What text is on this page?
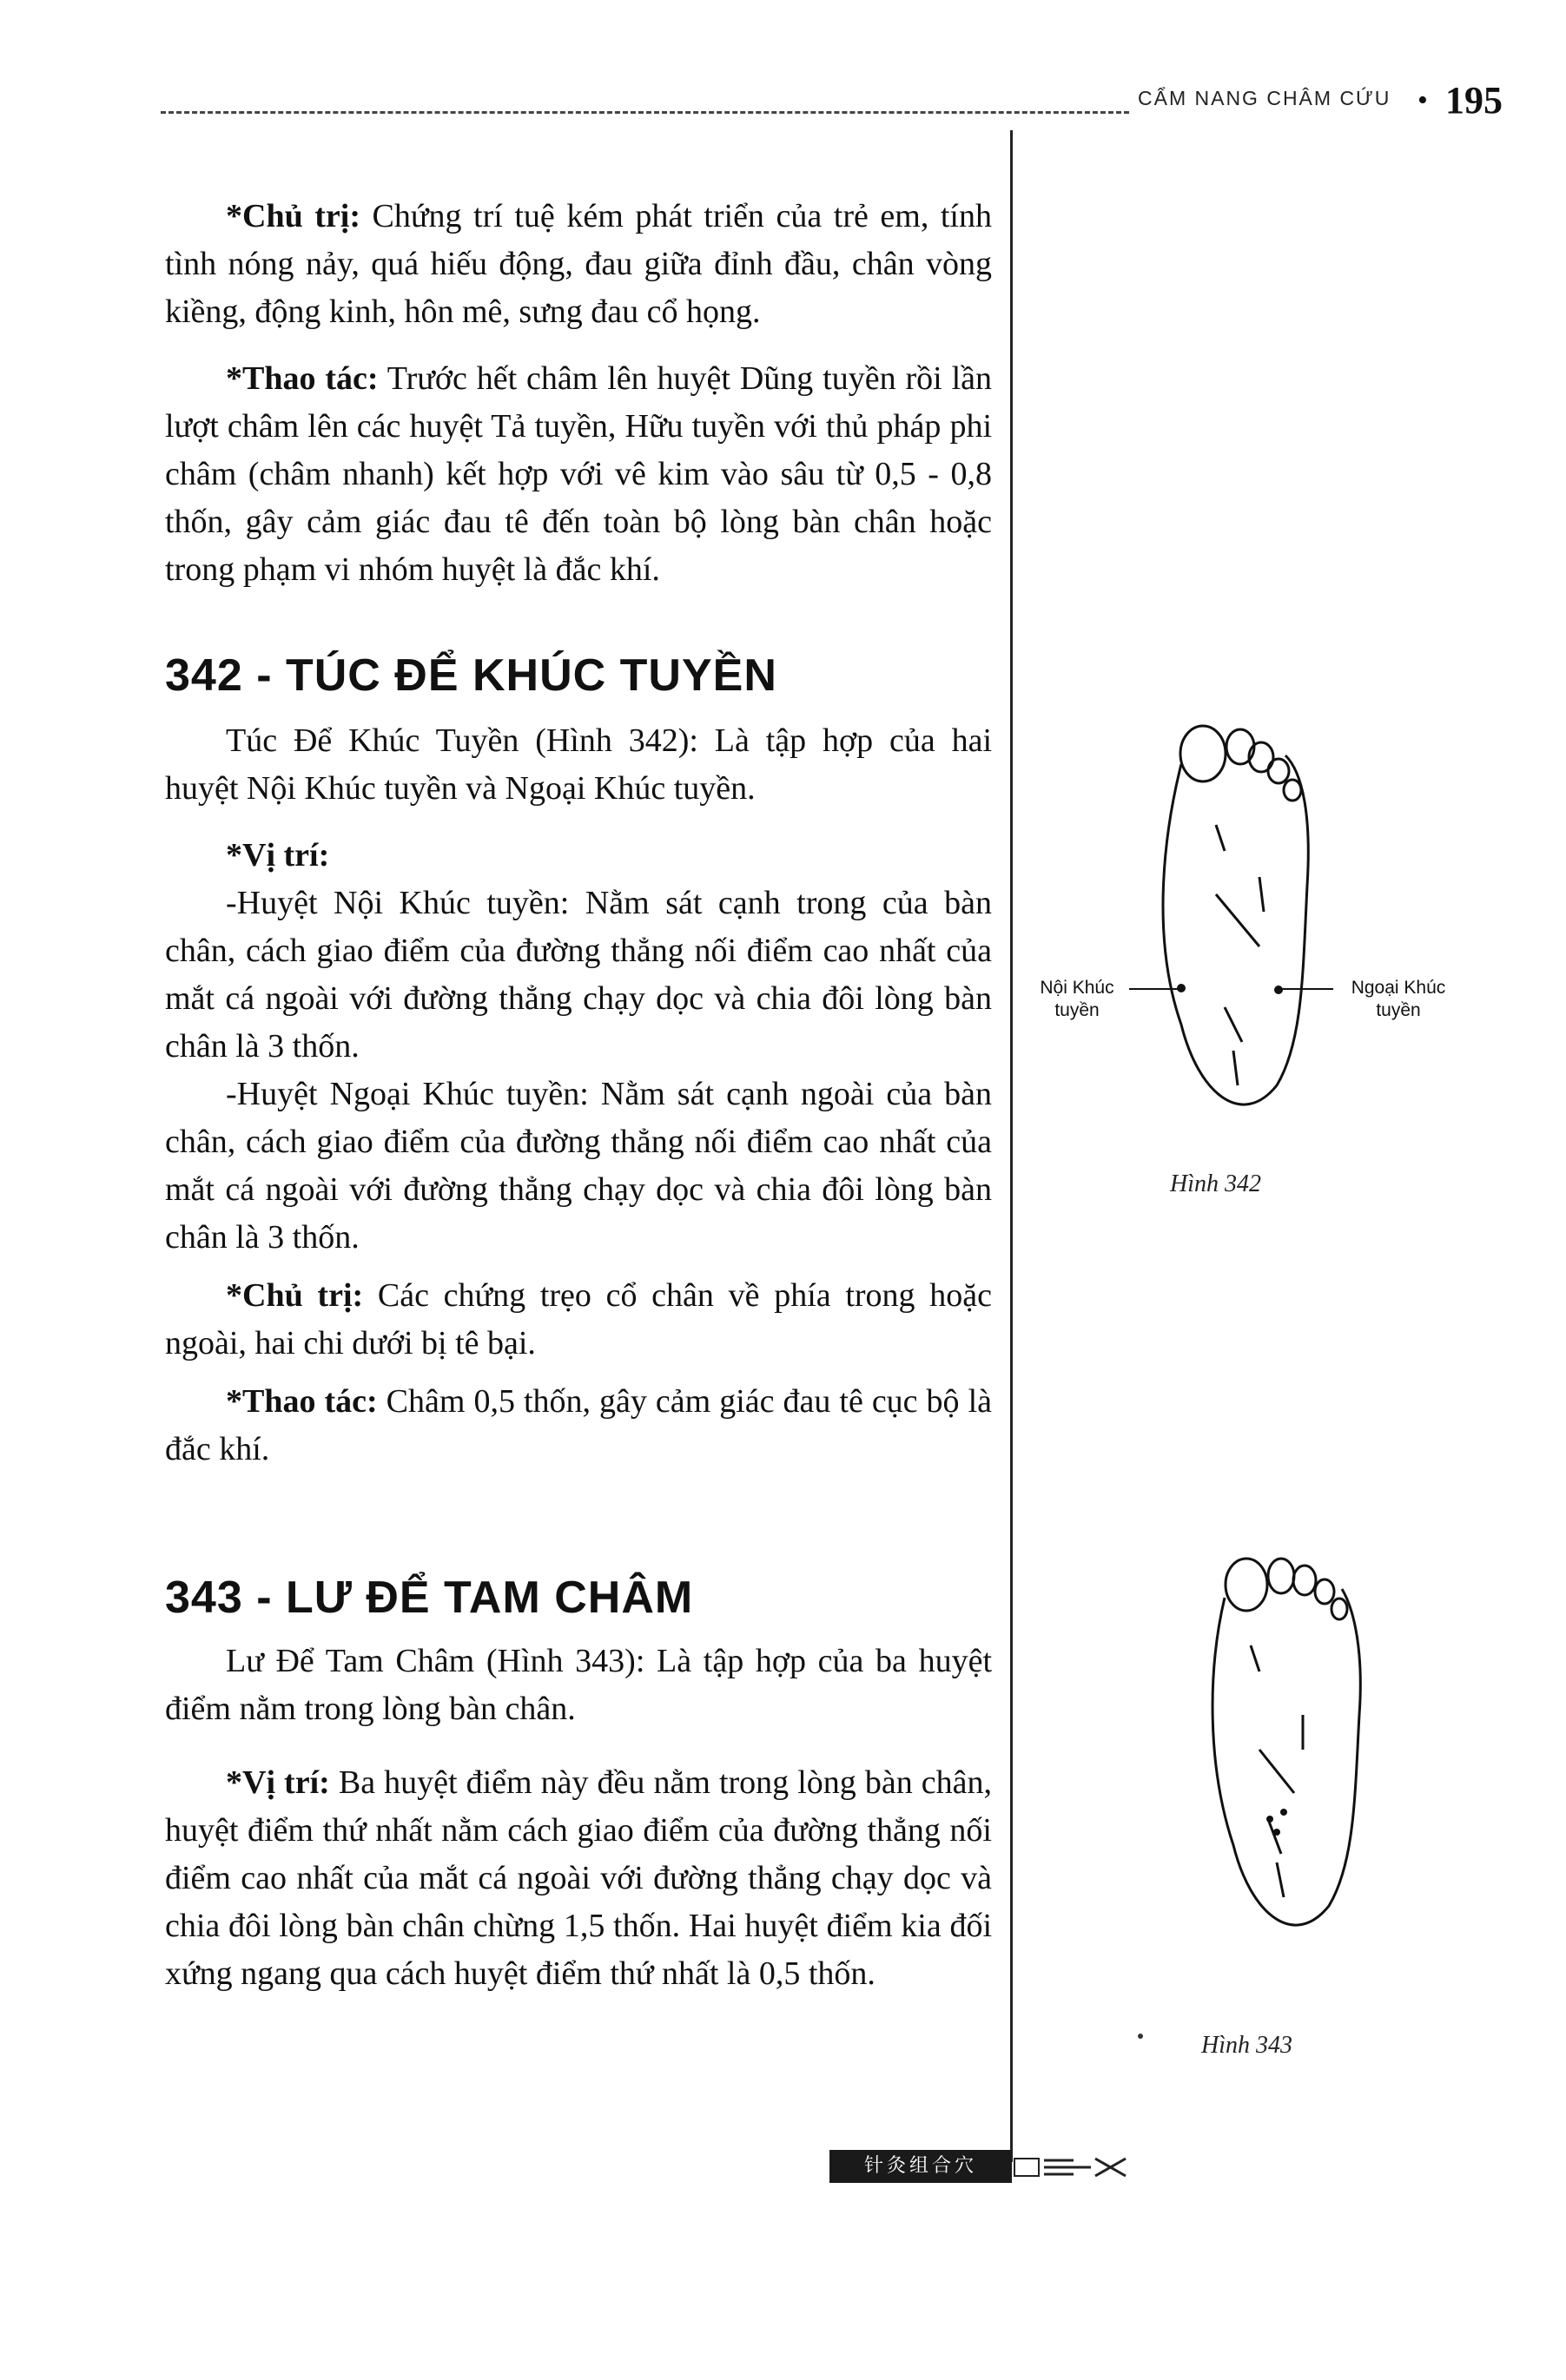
CẨM NANG CHÂM CỨU • 195

*Chủ trị: Chứng trí tuệ kém phát triển của trẻ em, tính tình nóng nảy, quá hiếu động, đau giữa đỉnh đầu, chân vòng kiềng, động kinh, hôn mê, sưng đau cổ họng.

*Thao tác: Trước hết châm lên huyệt Dũng tuyền rồi lần lượt châm lên các huyệt Tả tuyền, Hữu tuyền với thủ pháp phi châm (châm nhanh) kết hợp với vê kim vào sâu từ 0,5 - 0,8 thốn, gây cảm giác đau tê đến toàn bộ lòng bàn chân hoặc trong phạm vi nhóm huyệt là đắc khí.

342 - TÚC ĐỂ KHÚC TUYỀN

Túc Để Khúc Tuyền (Hình 342): Là tập hợp của hai huyệt Nội Khúc tuyền và Ngoại Khúc tuyền.

*Vị trí:

-Huyệt Nội Khúc tuyền: Nằm sát cạnh trong của bàn chân, cách giao điểm của đường thẳng nối điểm cao nhất của mắt cá ngoài với đường thẳng chạy dọc và chia đôi lòng bàn chân là 3 thốn.

-Huyệt Ngoại Khúc tuyền: Nằm sát cạnh ngoài của bàn chân, cách giao điểm của đường thẳng nối điểm cao nhất của mắt cá ngoài với đường thẳng chạy dọc và chia đôi lòng bàn chân là 3 thốn.

*Chủ trị: Các chứng trẹo cổ chân về phía trong hoặc ngoài, hai chi dưới bị tê bại.

*Thao tác: Châm 0,5 thốn, gây cảm giác đau tê cục bộ là đắc khí.

Nội Khúc
tuyền
Ngoại Khúc
tuyền
Hình 342
343 - LƯ ĐỂ TAM CHÂM

Lư Để Tam Châm (Hình 343): Là tập hợp của ba huyệt điểm nằm trong lòng bàn chân.

*Vị trí: Ba huyệt điểm này đều nằm trong lòng bàn chân, huyệt điểm thứ nhất nằm cách giao điểm của đường thẳng nối điểm cao nhất của mắt cá ngoài với đường thẳng chạy dọc và chia đôi lòng bàn chân chừng 1,5 thốn. Hai huyệt điểm kia đối xứng ngang qua cách huyệt điểm thứ nhất là 0,5 thốn.

Hình 343
针灸组合穴
